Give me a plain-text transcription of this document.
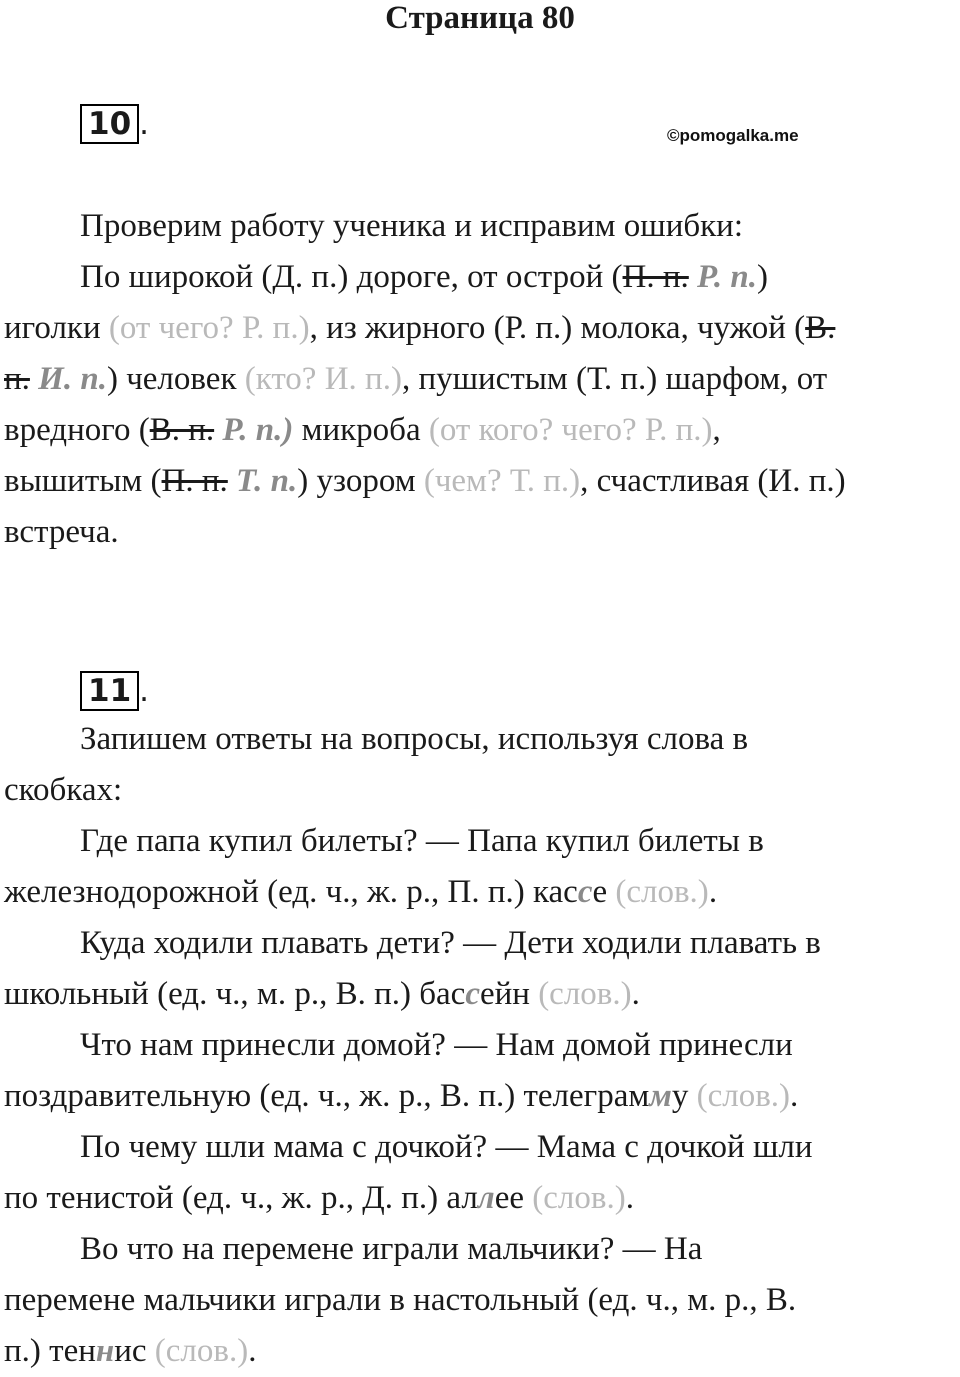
Страница 80
10 .	©pomogalka.me
Проверим работу ученика и исправим ошибки:
По широкой (Д. п.) дороге, от острой (П. п. Р. п.)
иголки (от чего? Р. п.), из жирного (Р. п.) молока, чужой (В.
п. И. п.) человек (кто? И. п.), пушистым (Т. п.) шарфом, от
вредного (В. п. Р. п.) микроба (от кого? чего? Р. п.),
вышитым (П. п. Т. п.) узором (чем? Т. п.), счастливая (И. п.)
встреча.
11 .
Запишем ответы на вопросы, используя слова в
скобках:
Где папа купил билеты? — Папа купил билеты в
железнодорожной (ед. ч., ж. р., П. п.) кассе (слов.).
Куда ходили плавать дети? — Дети ходили плавать в
школьный (ед. ч., м. р., В. п.) бассейн (слов.).
Что нам принесли домой? — Нам домой принесли
поздравительную (ед. ч., ж. р., В. п.) телеграмму (слов.).
По чему шли мама с дочкой? — Мама с дочкой шли
по тенистой (ед. ч., ж. р., Д. п.) аллее (слов.).
Во что на перемене играли мальчики? — На
перемене мальчики играли в настольный (ед. ч., м. р., В.
п.) теннис (слов.).
